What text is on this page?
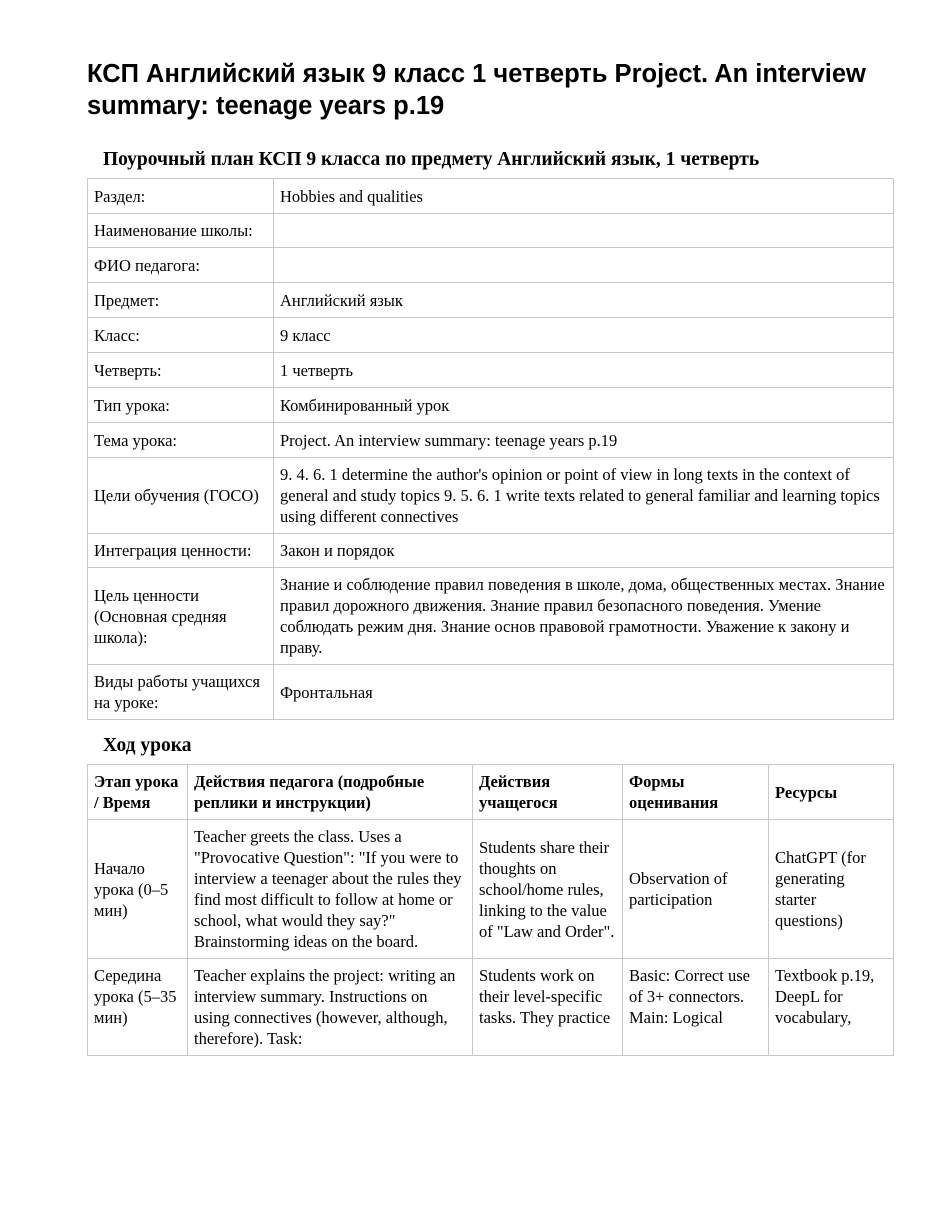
КСП Английский язык 9 класс 1 четверть Project. An interview summary: teenage years p.19
Поурочный план КСП 9 класса по предмету Английский язык, 1 четверть
Раздел:	Hobbies and qualities
Наименование школы:	
ФИО педагога:	
Предмет:	Английский язык
Класс:	9 класс
Четверть:	1 четверть
Тип урока:	Комбинированный урок
Тема урока:	Project. An interview summary: teenage years p.19
Цели обучения (ГОСО)	9. 4. 6. 1 determine the author's opinion or point of view in long texts in the context of general and study topics 9. 5. 6. 1 write texts related to general familiar and learning topics using different connectives
Интеграция ценности:	Закон и порядок
Цель ценности (Основная средняя школа):	Знание и соблюдение правил поведения в школе, дома, общественных местах. Знание правил дорожного движения. Знание правил безопасного поведения. Умение соблюдать режим дня. Знание основ правовой грамотности. Уважение к закону и праву.
Виды работы учащихся на уроке:	Фронтальная
Ход урока
Этап урока / Время	Действия педагога (подробные реплики и инструкции)	Действия учащегося	Формы оценивания	Ресурсы
Начало урока (0–5 мин)	Teacher greets the class. Uses a "Provocative Question": "If you were to interview a teenager about the rules they find most difficult to follow at home or school, what would they say?" Brainstorming ideas on the board.	Students share their thoughts on school/home rules, linking to the value of "Law and Order".	Observation of participation	ChatGPT (for generating starter questions)
Середина урока (5–35 мин)	Teacher explains the project: writing an interview summary. Instructions on using connectives (however, although, therefore). Task:	Students work on their level-specific tasks. They practice	Basic: Correct use of 3+ connectors. Main: Logical	Textbook p.19, DeepL for vocabulary,
